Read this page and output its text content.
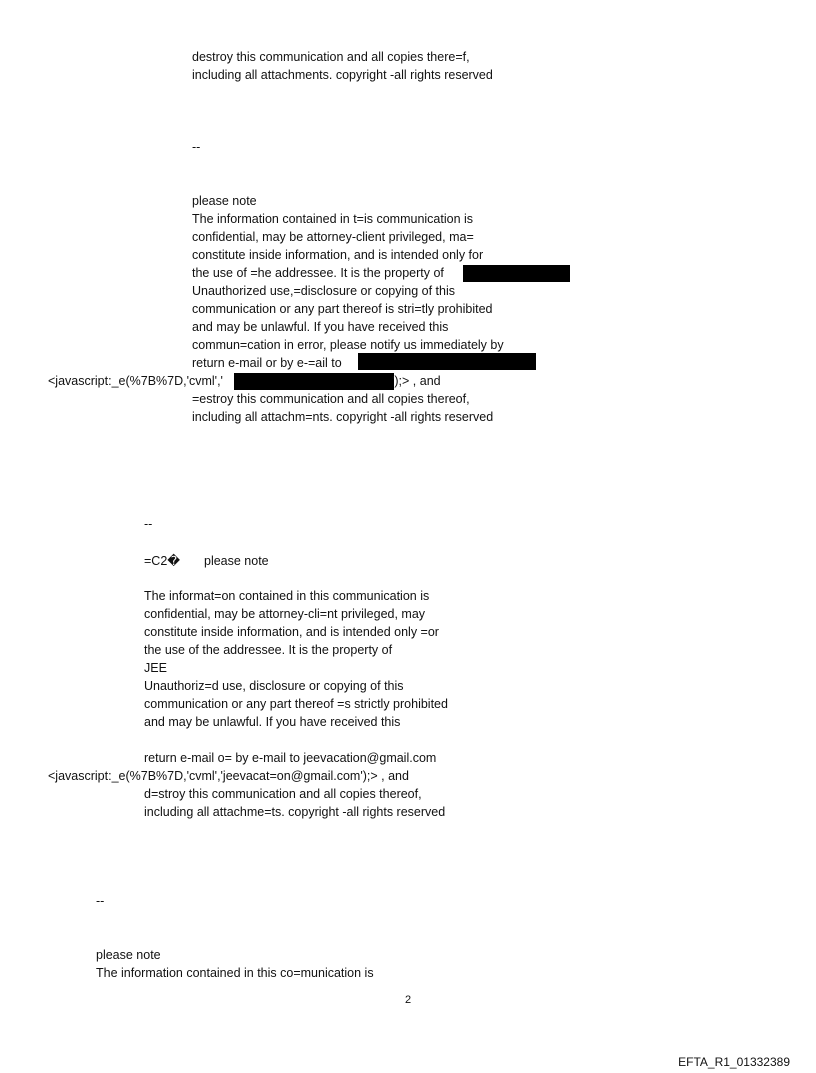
destroy this communication and all copies there=f,
including all attachments. copyright -all rights reserved
--
please note
The information contained in t=is communication is
confidential, may be attorney-client privileged, ma=
constitute inside information, and is intended only for
the use of =he addressee. It is the property of
Unauthorized use,=disclosure or copying of this
communication or any part thereof is stri=tly prohibited
and may be unlawful. If you have received this
commun=cation in error, please notify us immediately by
return e-mail or by e-=ail to
<javascript:_e(%7B%7D,'cvml','	');> , and
=estroy this communication and all copies thereof,
including all attachm=nts. copyright -all rights reserved
--
=C2� please note
The informat=on contained in this communication is
confidential, may be attorney-cli=nt privileged, may
constitute inside information, and is intended only =or
the use of the addressee. It is the property of
JEE
Unauthoriz=d use, disclosure or copying of this
communication or any part thereof =s strictly prohibited
and may be unlawful. If you have received this
return e-mail o= by e-mail to jeevacation@gmail.com
<javascript:_e(%7B%7D,'cvml','jeevacat=on@gmail.com');> , and
d=stroy this communication and all copies thereof,
including all attachme=ts. copyright -all rights reserved
--
please note
The information contained in this co=munication is
2
EFTA_R1_01332389
